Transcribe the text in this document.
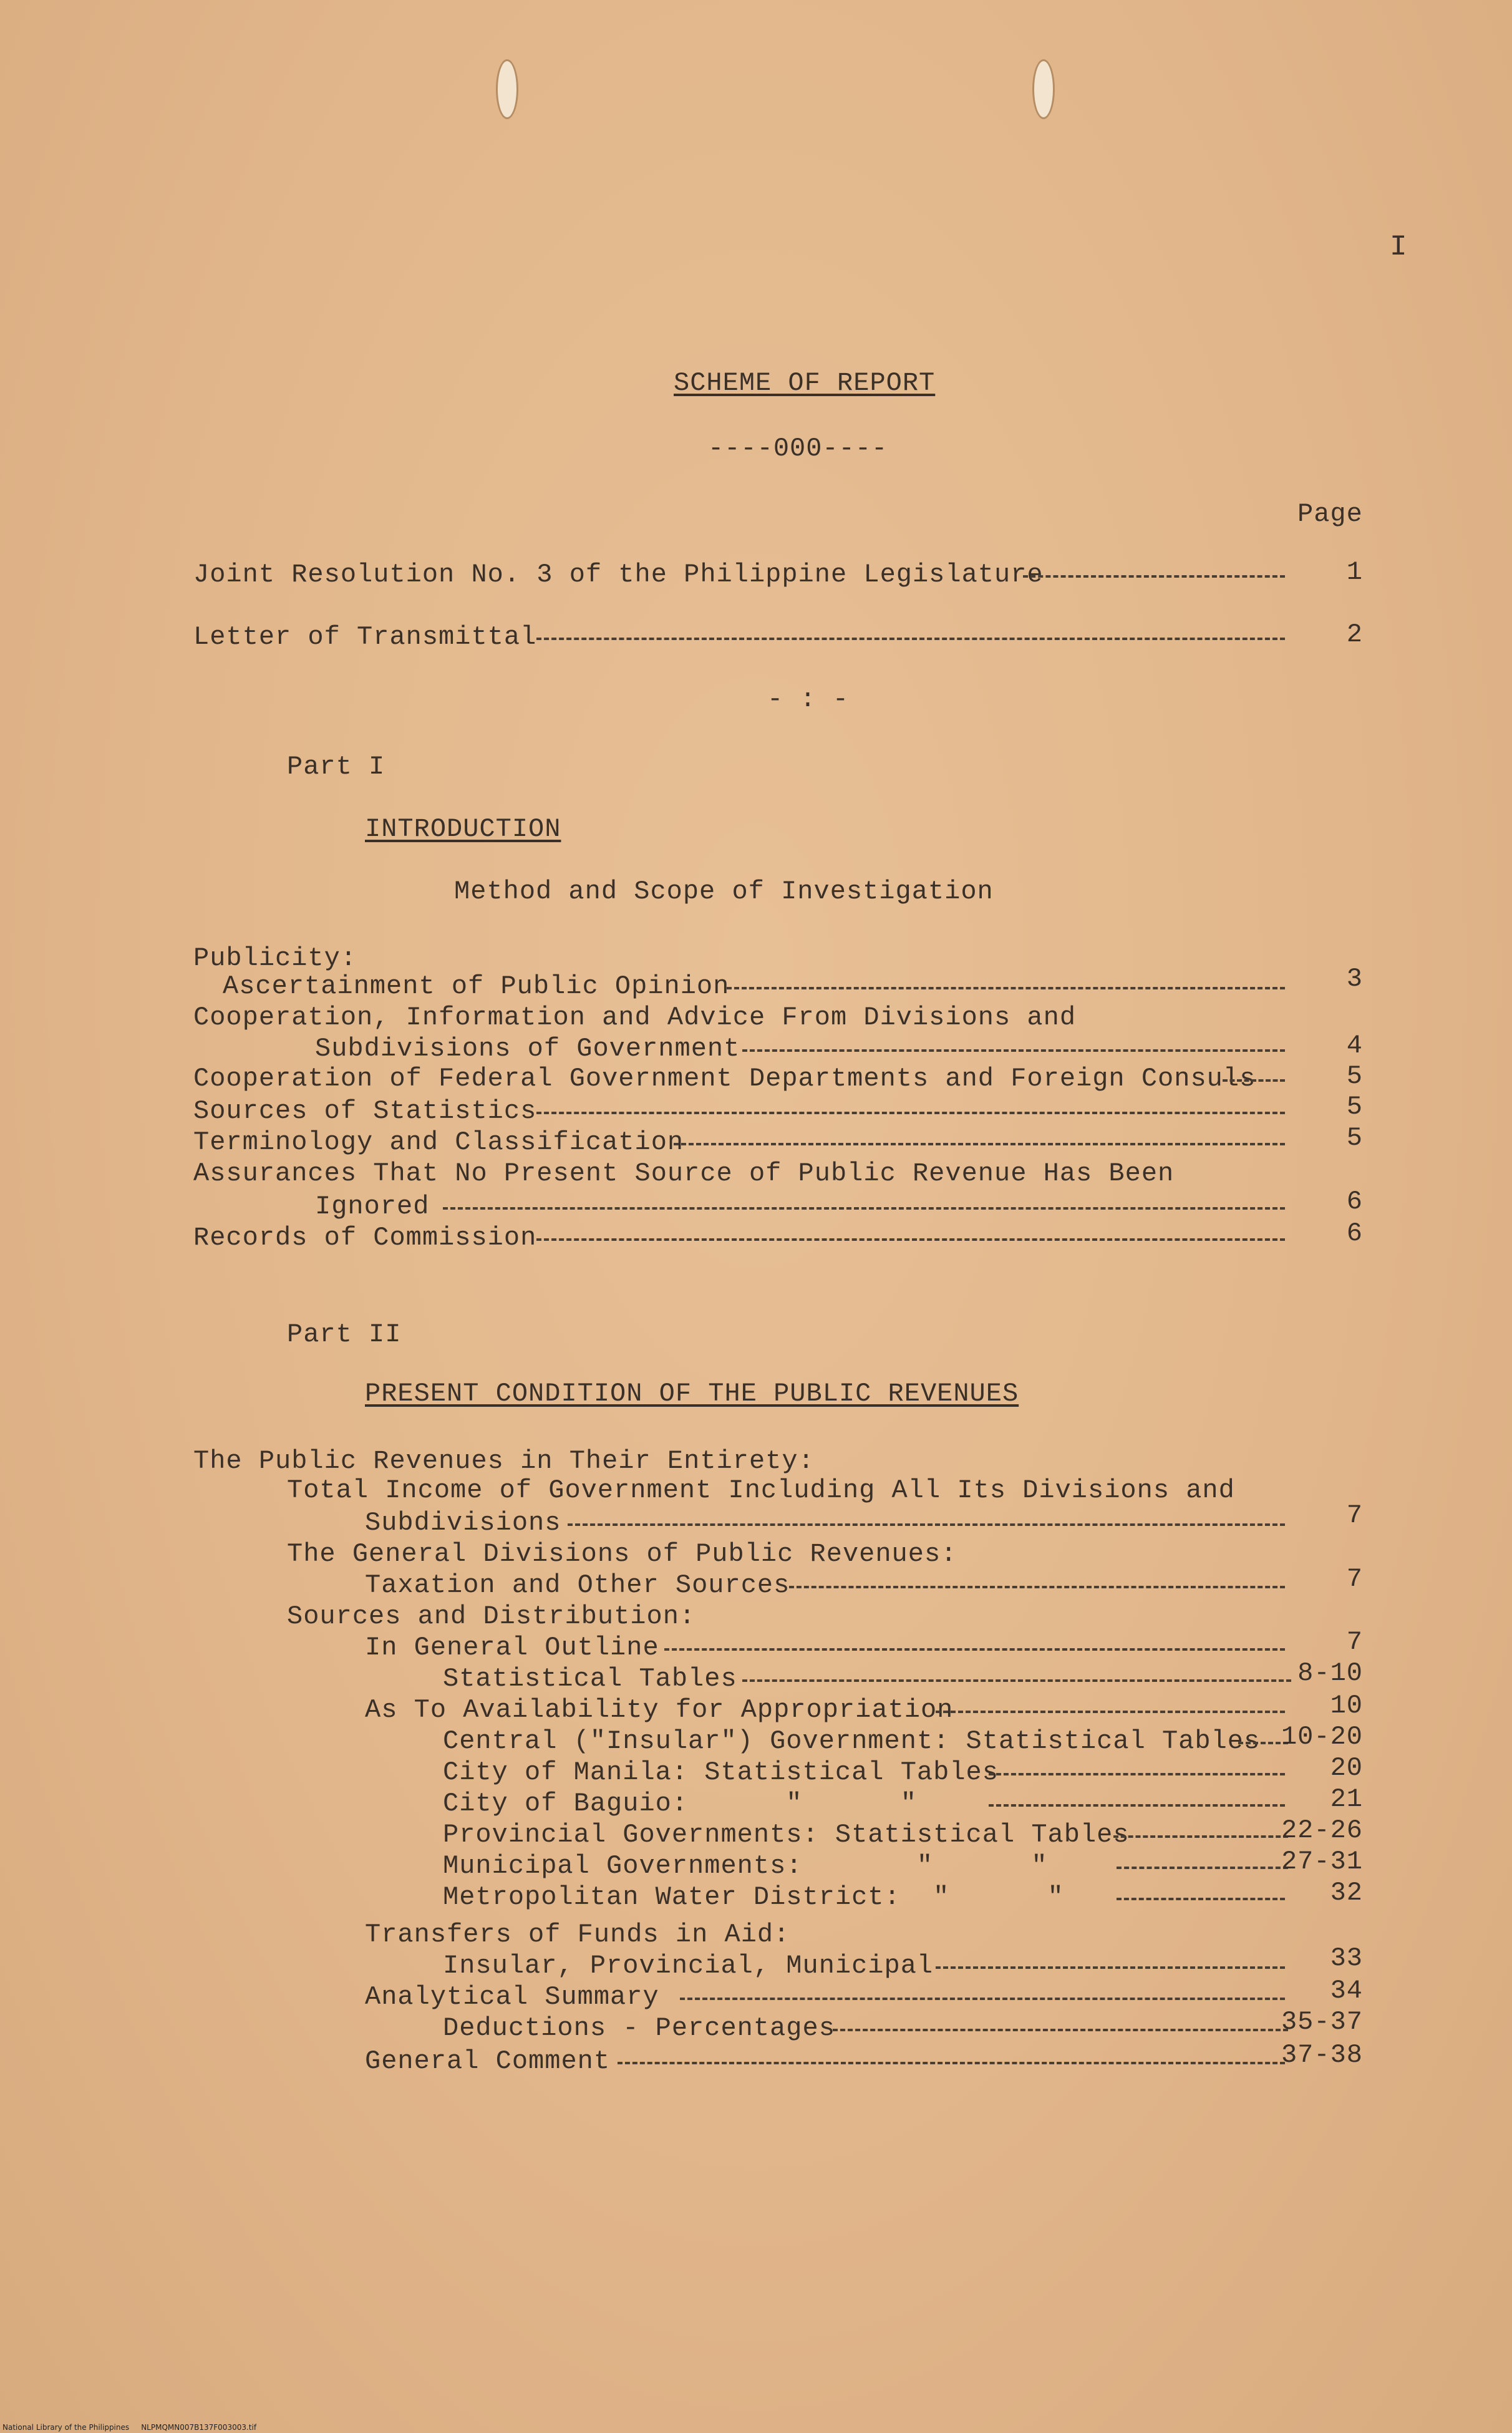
I
SCHEME OF REPORT
----000----
Page
Joint Resolution No. 3 of the Philippine Legislature	1
Letter of Transmittal	2
- : -
Part I
INTRODUCTION
Method and Scope of Investigation
Publicity:
Ascertainment of Public Opinion	3
Cooperation, Information and Advice From Divisions and
Subdivisions of Government	4
Cooperation of Federal Government Departments and Foreign Consuls	5
Sources of Statistics	5
Terminology and Classification	5
Assurances That No Present Source of Public Revenue Has Been
Ignored	6
Records of Commission	6
Part II
PRESENT CONDITION OF THE PUBLIC REVENUES
The Public Revenues in Their Entirety:
Total Income of Government Including All Its Divisions and
Subdivisions	7
The General Divisions of Public Revenues:
Taxation and Other Sources	7
Sources and Distribution:
In General Outline	7
Statistical Tables	8-10
As To Availability for Appropriation	10
Central ("Insular") Government: Statistical Tables 10-20
City of Manila: Statistical Tables	20
City of Baguio:      "      "	21
Provincial Governments: Statistical Tables	22-26
Municipal Governments:       "      "	27-31
Metropolitan Water District:  "      "	32
Transfers of Funds in Aid:
Insular, Provincial, Municipal	33
Analytical Summary	34
Deductions - Percentages	35-37
General Comment	37-38
National Library of the Philippines     NLPMQMN007B137F003003.tif
